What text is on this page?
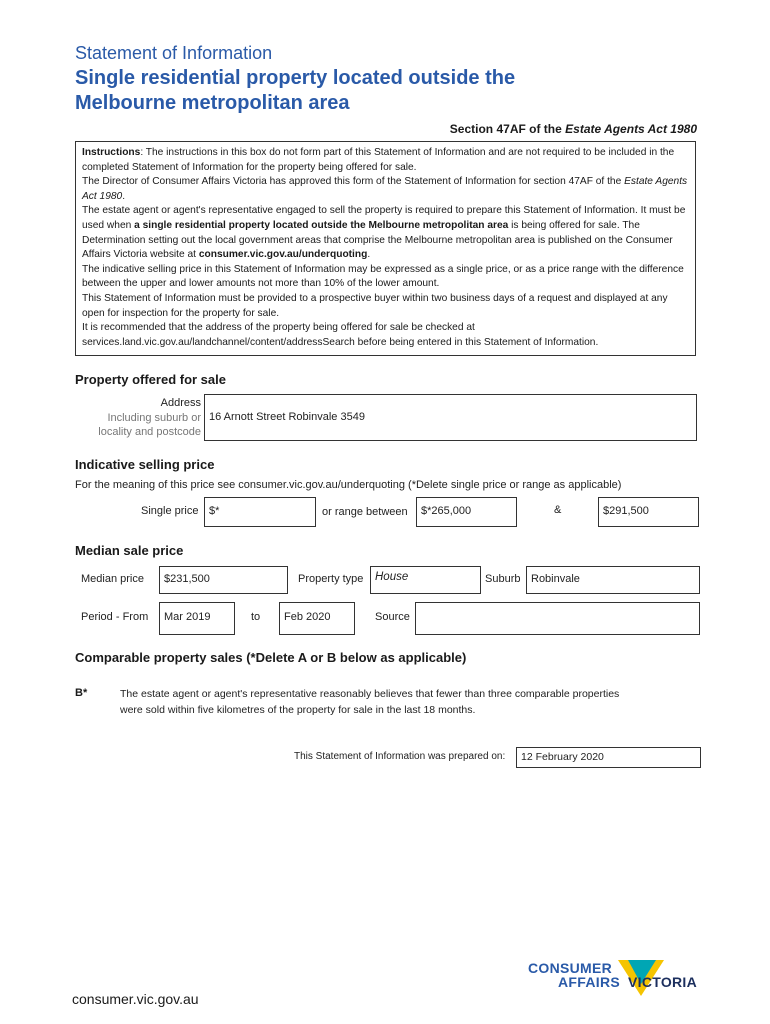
Statement of Information
Single residential property located outside the
Melbourne metropolitan area
Section 47AF of the Estate Agents Act 1980

Instructions: The instructions in this box do not form part of this Statement of Information and are not required to be included in the completed Statement of Information for the property being offered for sale.

The Director of Consumer Affairs Victoria has approved this form of the Statement of Information for section 47AF of the Estate Agents Act 1980.

The estate agent or agent's representative engaged to sell the property is required to prepare this Statement of Information. It must be used when a single residential property located outside the Melbourne metropolitan area is being offered for sale. The Determination setting out the local government areas that comprise the Melbourne metropolitan area is published on the Consumer Affairs Victoria website at consumer.vic.gov.au/underquoting.

The indicative selling price in this Statement of Information may be expressed as a single price, or as a price range with the difference between the upper and lower amounts not more than 10% of the lower amount.

This Statement of Information must be provided to a prospective buyer within two business days of a request and displayed at any open for inspection for the property for sale.

It is recommended that the address of the property being offered for sale be checked at services.land.vic.gov.au/landchannel/content/addressSearch before being entered in this Statement of Information.

Property offered for sale
Address
Including suburb or
locality and postcode
16 Arnott Street Robinvale 3549
Indicative selling price
For the meaning of this price see consumer.vic.gov.au/underquoting (*Delete single price or range as applicable)
Single price $*	or range between	$*265,000	&	$291,500
Median sale price
Median price	$231,500	Property type	House	Suburb Robinvale
Period - From	Mar 2019	to	Feb 2020	Source
Comparable property sales (*Delete A or B below as applicable)
B*	The estate agent or agent's representative reasonably believes that fewer than three comparable properties
were sold within five kilometres of the property for sale in the last 18 months.
This Statement of Information was prepared on:	12 February 2020
CONSUMER
AFFAIRS VICTORIA
consumer.vic.gov.au
